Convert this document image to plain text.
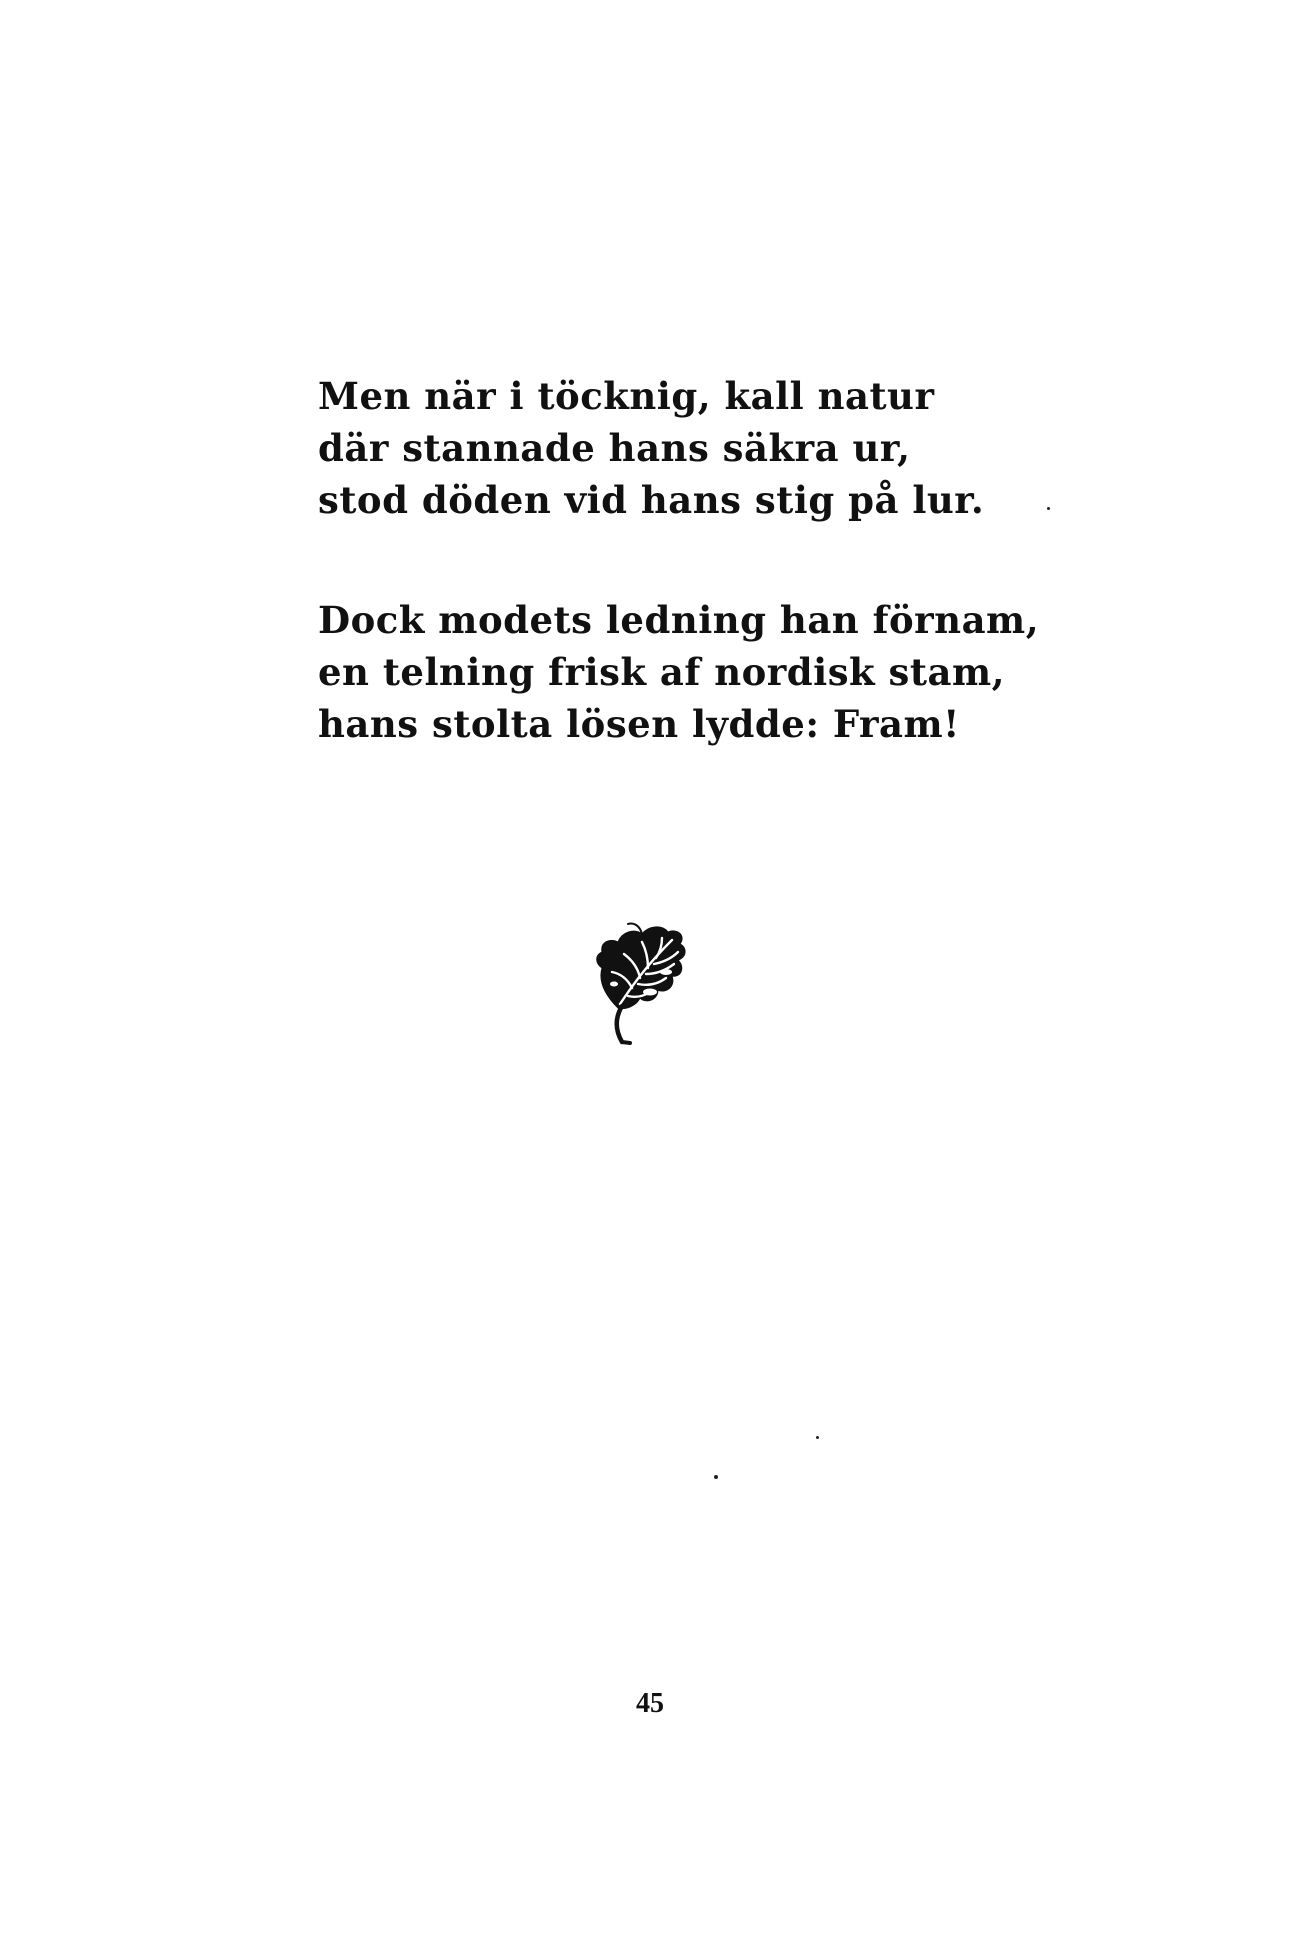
Men när i töcknig, kall natur
där stannade hans säkra ur,
stod döden vid hans stig på lur.
Dock modets ledning han förnam,
en telning frisk af nordisk stam,
hans stolta lösen lydde: Fram!
45
